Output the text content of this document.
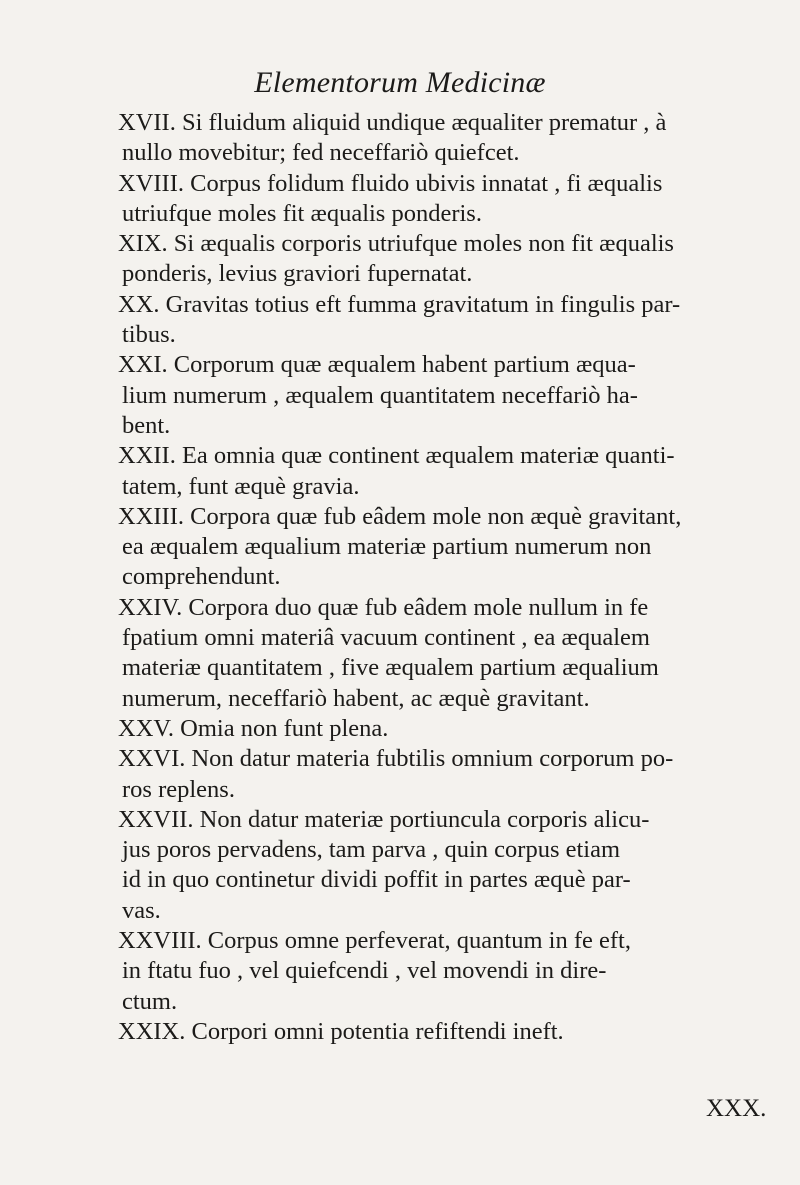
Elementorum Medicinæ

XVII. Si fluidum aliquid undique æqualiter prematur , à
nullo movebitur; fed neceffariò quiefcet.

XVIII. Corpus folidum fluido ubivis innatat , fi æqualis
utriufque moles fit æqualis ponderis.

XIX. Si æqualis corporis utriufque moles non fit æqualis
ponderis, levius graviori fupernatat.

XX. Gravitas totius eft fumma gravitatum in fingulis par-
tibus.

XXI. Corporum quæ æqualem habent partium æqua-
lium numerum , æqualem quantitatem neceffariò ha-
bent.

XXII. Ea omnia quæ continent æqualem materiæ quanti-
tatem, funt æquè gravia.

XXIII. Corpora quæ fub eâdem mole non æquè gravitant,
ea æqualem æqualium materiæ partium numerum non
comprehendunt.

XXIV. Corpora duo quæ fub eâdem mole nullum in fe
fpatium omni materiâ vacuum continent , ea æqualem
materiæ quantitatem , five æqualem partium æqualium
numerum, neceffariò habent, ac æquè gravitant.

XXV. Omia non funt plena.

XXVI. Non datur materia fubtilis omnium corporum po-
ros replens.

XXVII. Non datur materiæ portiuncula corporis alicu-
jus poros pervadens, tam parva , quin corpus etiam
id in quo continetur dividi poffit in partes æquè par-
vas.

XXVIII. Corpus omne perfeverat, quantum in fe eft,
in ftatu fuo , vel quiefcendi , vel movendi in dire-
ctum.

XXIX. Corpori omni potentia refiftendi ineft.

XXX.
